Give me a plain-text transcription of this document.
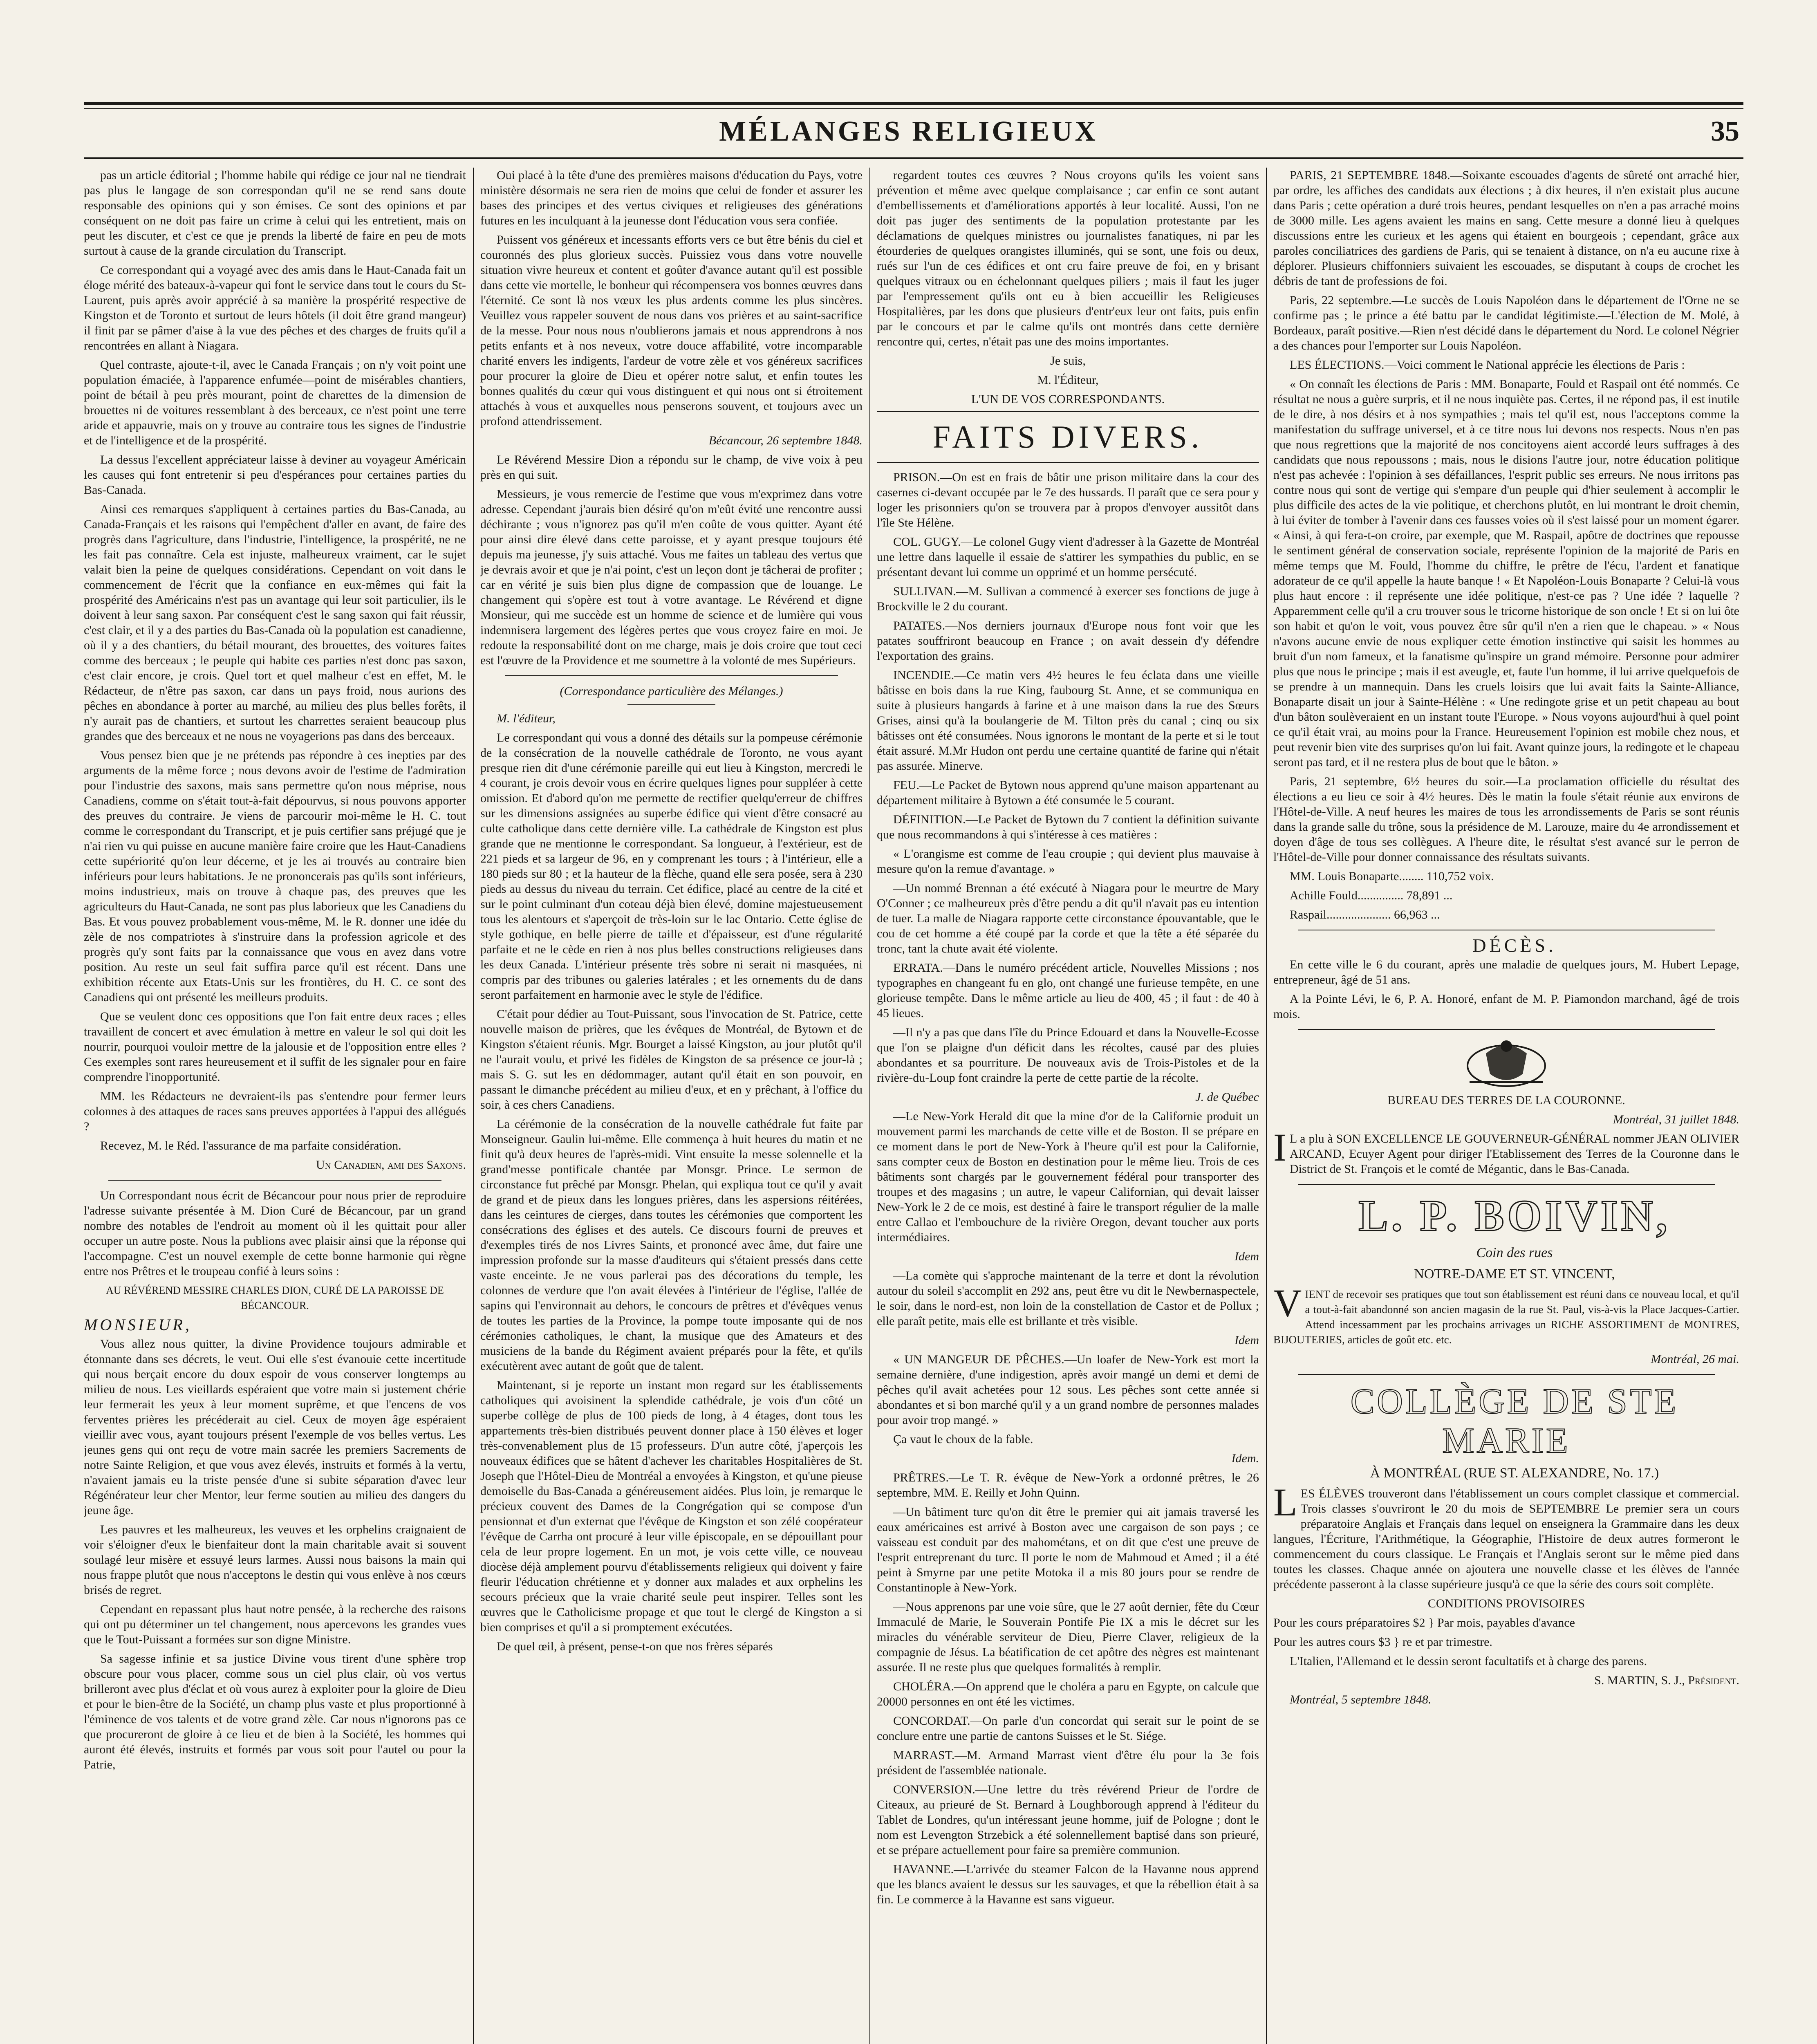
MÉLANGES RELIGIEUX	35

pas un article éditorial ; l'homme habile qui rédige ce jour nal ne tiendrait pas plus le langage de son correspondan qu'il ne se rend sans doute responsable des opinions qui y son émises. Ce sont des opinions et par conséquent on ne doit pas faire un crime à celui qui les entretient, mais on peut les discuter, et c'est ce que je prends la liberté de faire en peu de mots surtout à cause de la grande circulation du Transcript.

Ce correspondant qui a voyagé avec des amis dans le Haut-Canada fait un éloge mérité des bateaux-à-vapeur qui font le service dans tout le cours du St-Laurent, puis après avoir apprécié à sa manière la prospérité respective de Kingston et de Toronto et surtout de leurs hôtels (il doit être grand mangeur) il finit par se pâmer d'aise à la vue des pêches et des charges de fruits qu'il a rencontrées en allant à Niagara.

Quel contraste, ajoute-t-il, avec le Canada Français ; on n'y voit point une population émaciée, à l'apparence enfumée—point de misérables chantiers, point de bétail à peu près mourant, point de charettes de la dimension de brouettes ni de voitures ressemblant à des berceaux, ce n'est point une terre aride et appauvrie, mais on y trouve au contraire tous les signes de l'industrie et de l'intelligence et de la prospérité.

La dessus l'excellent appréciateur laisse à deviner au voyageur Américain les causes qui font entretenir si peu d'espérances pour certaines parties du Bas-Canada.

Ainsi ces remarques s'appliquent à certaines parties du Bas-Canada, au Canada-Français et les raisons qui l'empêchent d'aller en avant, de faire des progrès dans l'agriculture, dans l'industrie, l'intelligence, la prospérité, ne ne les fait pas connaître. Cela est injuste, malheureux vraiment, car le sujet valait bien la peine de quelques considérations. Cependant on voit dans le commencement de l'écrit que la confiance en eux-mêmes qui fait la prospérité des Américains n'est pas un avantage qui leur soit particulier, ils le doivent à leur sang saxon. Par conséquent c'est le sang saxon qui fait réussir, c'est clair, et il y a des parties du Bas-Canada où la population est canadienne, où il y a des chantiers, du bétail mourant, des brouettes, des voitures faites comme des berceaux ; le peuple qui habite ces parties n'est donc pas saxon, c'est clair encore, je crois. Quel tort et quel malheur c'est en effet, M. le Rédacteur, de n'être pas saxon, car dans un pays froid, nous aurions des pêches en abondance à porter au marché, au milieu des plus belles forêts, il n'y aurait pas de chantiers, et surtout les charrettes seraient beaucoup plus grandes que des berceaux et ne nous ne voyagerions pas dans des berceaux.

Vous pensez bien que je ne prétends pas répondre à ces inepties par des arguments de la même force ; nous devons avoir de l'estime de l'admiration pour l'industrie des saxons, mais sans permettre qu'on nous méprise, nous Canadiens, comme on s'était tout-à-fait dépourvus, si nous pouvons apporter des preuves du contraire. Je viens de parcourir moi-même le H. C. tout comme le correspondant du Transcript, et je puis certifier sans préjugé que je n'ai rien vu qui puisse en aucune manière faire croire que les Haut-Canadiens cette supériorité qu'on leur décerne, et je les ai trouvés au contraire bien inférieurs pour leurs habitations. Je ne prononcerais pas qu'ils sont inférieurs, moins industrieux, mais on trouve à chaque pas, des preuves que les agriculteurs du Haut-Canada, ne sont pas plus laborieux que les Canadiens du Bas. Et vous pouvez probablement vous-même, M. le R. donner une idée du zèle de nos compatriotes à s'instruire dans la profession agricole et des progrès qu'y sont faits par la connaissance que vous en avez dans votre position. Au reste un seul fait suffira parce qu'il est récent. Dans une exhibition récente aux Etats-Unis sur les frontières, du H. C. ce sont des Canadiens qui ont présenté les meilleurs produits.

Que se veulent donc ces oppositions que l'on fait entre deux races ; elles travaillent de concert et avec émulation à mettre en valeur le sol qui doit les nourrir, pourquoi vouloir mettre de la jalousie et de l'opposition entre elles ? Ces exemples sont rares heureusement et il suffit de les signaler pour en faire comprendre l'inopportunité.

MM. les Rédacteurs ne devraient-ils pas s'entendre pour fermer leurs colonnes à des attaques de races sans preuves apportées à l'appui des allégués ?

Recevez, M. le Réd. l'assurance de ma parfaite considération.

Un Canadien, ami des Saxons.

Un Correspondant nous écrit de Bécancour pour nous prier de reproduire l'adresse suivante présentée à M. Dion Curé de Bécancour, par un grand nombre des notables de l'endroit au moment où il les quittait pour aller occuper un autre poste. Nous la publions avec plaisir ainsi que la réponse qui l'accompagne. C'est un nouvel exemple de cette bonne harmonie qui règne entre nos Prêtres et le troupeau confié à leurs soins :

AU RÉVÉREND MESSIRE CHARLES DION, CURÉ DE LA PAROISSE DE BÉCANCOUR.

MONSIEUR,

Vous allez nous quitter, la divine Providence toujours admirable et étonnante dans ses décrets, le veut. Oui elle s'est évanouie cette incertitude qui nous berçait encore du doux espoir de vous conserver longtemps au milieu de nous. Les vieillards espéraient que votre main si justement chérie leur fermerait les yeux à leur moment suprême, et que l'encens de vos ferventes prières les précéderait au ciel. Ceux de moyen âge espéraient vieillir avec vous, ayant toujours présent l'exemple de vos belles vertus. Les jeunes gens qui ont reçu de votre main sacrée les premiers Sacrements de notre Sainte Religion, et que vous avez élevés, instruits et formés à la vertu, n'avaient jamais eu la triste pensée d'une si subite séparation d'avec leur Régénérateur leur cher Mentor, leur ferme soutien au milieu des dangers du jeune âge.

Les pauvres et les malheureux, les veuves et les orphelins craignaient de voir s'éloigner d'eux le bienfaiteur dont la main charitable avait si souvent soulagé leur misère et essuyé leurs larmes. Aussi nous baisons la main qui nous frappe plutôt que nous n'acceptons le destin qui vous enlève à nos cœurs brisés de regret.

Cependant en repassant plus haut notre pensée, à la recherche des raisons qui ont pu déterminer un tel changement, nous apercevons les grandes vues que le Tout-Puissant a formées sur son digne Ministre.

Sa sagesse infinie et sa justice Divine vous tirent d'une sphère trop obscure pour vous placer, comme sous un ciel plus clair, où vos vertus brilleront avec plus d'éclat et où vous aurez à exploiter pour la gloire de Dieu et pour le bien-être de la Société, un champ plus vaste et plus proportionné à l'éminence de vos talents et de votre grand zèle. Car nous n'ignorons pas ce que procureront de gloire à ce lieu et de bien à la Société, les hommes qui auront été élevés, instruits et formés par vous soit pour l'autel ou pour la Patrie,

Oui placé à la tête d'une des premières maisons d'éducation du Pays, votre ministère désormais ne sera rien de moins que celui de fonder et assurer les bases des principes et des vertus civiques et religieuses des générations futures en les inculquant à la jeunesse dont l'éducation vous sera confiée.

Puissent vos généreux et incessants efforts vers ce but être bénis du ciel et couronnés des plus glorieux succès. Puissiez vous dans votre nouvelle situation vivre heureux et content et goûter d'avance autant qu'il est possible dans cette vie mortelle, le bonheur qui récompensera vos bonnes œuvres dans l'éternité. Ce sont là nos vœux les plus ardents comme les plus sincères. Veuillez vous rappeler souvent de nous dans vos prières et au saint-sacrifice de la messe. Pour nous nous n'oublierons jamais et nous apprendrons à nos petits enfants et à nos neveux, votre douce affabilité, votre incomparable charité envers les indigents, l'ardeur de votre zèle et vos généreux sacrifices pour procurer la gloire de Dieu et opérer notre salut, et enfin toutes les bonnes qualités du cœur qui vous distinguent et qui nous ont si étroitement attachés à vous et auxquelles nous penserons souvent, et toujours avec un profond attendrissement.

Bécancour, 26 septembre 1848.

Le Révérend Messire Dion a répondu sur le champ, de vive voix à peu près en qui suit.

Messieurs, je vous remercie de l'estime que vous m'exprimez dans votre adresse. Cependant j'aurais bien désiré qu'on m'eût évité une rencontre aussi déchirante ; vous n'ignorez pas qu'il m'en coûte de vous quitter. Ayant été pour ainsi dire élevé dans cette paroisse, et y ayant presque toujours été depuis ma jeunesse, j'y suis attaché. Vous me faites un tableau des vertus que je devrais avoir et que je n'ai point, c'est un leçon dont je tâcherai de profiter ; car en vérité je suis bien plus digne de compassion que de louange. Le changement qui s'opère est tout à votre avantage. Le Révérend et digne Monsieur, qui me succède est un homme de science et de lumière qui vous indemnisera largement des légères pertes que vous croyez faire en moi. Je redoute la responsabilité dont on me charge, mais je dois croire que tout ceci est l'œuvre de la Providence et me soumettre à la volonté de mes Supérieurs.

(Correspondance particulière des Mélanges.)

M. l'éditeur,

Le correspondant qui vous a donné des détails sur la pompeuse cérémonie de la consécration de la nouvelle cathédrale de Toronto, ne vous ayant presque rien dit d'une cérémonie pareille qui eut lieu à Kingston, mercredi le 4 courant, je crois devoir vous en écrire quelques lignes pour suppléer à cette omission. Et d'abord qu'on me permette de rectifier quelqu'erreur de chiffres sur les dimensions assignées au superbe édifice qui vient d'être consacré au culte catholique dans cette dernière ville. La cathédrale de Kingston est plus grande que ne mentionne le correspondant. Sa longueur, à l'extérieur, est de 221 pieds et sa largeur de 96, en y comprenant les tours ; à l'intérieur, elle a 180 pieds sur 80 ; et la hauteur de la flèche, quand elle sera posée, sera à 230 pieds au dessus du niveau du terrain. Cet édifice, placé au centre de la cité et sur le point culminant d'un coteau déjà bien élevé, domine majestueusement tous les alentours et s'aperçoit de très-loin sur le lac Ontario. Cette église de style gothique, en belle pierre de taille et d'épaisseur, est d'une régularité parfaite et ne le cède en rien à nos plus belles constructions religieuses dans les deux Canada. L'intérieur présente très sobre ni serait ni masquées, ni compris par des tribunes ou galeries latérales ; et les ornements du de dans seront parfaitement en harmonie avec le style de l'édifice.

C'était pour dédier au Tout-Puissant, sous l'invocation de St. Patrice, cette nouvelle maison de prières, que les évêques de Montréal, de Bytown et de Kingston s'étaient réunis. Mgr. Bourget a laissé Kingston, au jour plutôt qu'il ne l'aurait voulu, et privé les fidèles de Kingston de sa présence ce jour-là ; mais S. G. sut les en dédommager, autant qu'il était en son pouvoir, en passant le dimanche précédent au milieu d'eux, et en y prêchant, à l'office du soir, à ces chers Canadiens.

La cérémonie de la consécration de la nouvelle cathédrale fut faite par Monseigneur. Gaulin lui-même. Elle commença à huit heures du matin et ne finit qu'à deux heures de l'après-midi. Vint ensuite la messe solennelle et la grand'messe pontificale chantée par Monsgr. Prince. Le sermon de circonstance fut prêché par Monsgr. Phelan, qui expliqua tout ce qu'il y avait de grand et de pieux dans les longues prières, dans les aspersions réitérées, dans les ceintures de cierges, dans toutes les cérémonies que comportent les consécrations des églises et des autels. Ce discours fourni de preuves et d'exemples tirés de nos Livres Saints, et prononcé avec âme, dut faire une impression profonde sur la masse d'auditeurs qui s'étaient pressés dans cette vaste enceinte. Je ne vous parlerai pas des décorations du temple, les colonnes de verdure que l'on avait élevées à l'intérieur de l'église, l'allée de sapins qui l'environnait au dehors, le concours de prêtres et d'évêques venus de toutes les parties de la Province, la pompe toute imposante qui de nos cérémonies catholiques, le chant, la musique que des Amateurs et des musiciens de la bande du Régiment avaient préparés pour la fête, et qu'ils exécutèrent avec autant de goût que de talent.

Maintenant, si je reporte un instant mon regard sur les établissements catholiques qui avoisinent la splendide cathédrale, je vois d'un côté un superbe collège de plus de 100 pieds de long, à 4 étages, dont tous les appartements très-bien distribués peuvent donner place à 150 élèves et loger très-convenablement plus de 15 professeurs. D'un autre côté, j'aperçois les nouveaux édifices que se hâtent d'achever les charitables Hospitalières de St. Joseph que l'Hôtel-Dieu de Montréal a envoyées à Kingston, et qu'une pieuse demoiselle du Bas-Canada a généreusement aidées. Plus loin, je remarque le précieux couvent des Dames de la Congrégation qui se compose d'un pensionnat et d'un externat que l'évêque de Kingston et son zélé coopérateur l'évêque de Carrha ont procuré à leur ville épiscopale, en se dépouillant pour cela de leur propre logement. En un mot, je vois cette ville, ce nouveau diocèse déjà amplement pourvu d'établissements religieux qui doivent y faire fleurir l'éducation chrétienne et y donner aux malades et aux orphelins les secours précieux que la vraie charité seule peut inspirer. Telles sont les œuvres que le Catholicisme propage et que tout le clergé de Kingston a si bien comprises et qu'il a si promptement exécutées.

De quel œil, à présent, pense-t-on que nos frères séparés

regardent toutes ces œuvres ? Nous croyons qu'ils les voient sans prévention et même avec quelque complaisance ; car enfin ce sont autant d'embellissements et d'améliorations apportés à leur localité. Aussi, l'on ne doit pas juger des sentiments de la population protestante par les déclamations de quelques ministres ou journalistes fanatiques, ni par les étourderies de quelques orangistes illuminés, qui se sont, une fois ou deux, rués sur l'un de ces édifices et ont cru faire preuve de foi, en y brisant quelques vitraux ou en échelonnant quelques piliers ; mais il faut les juger par l'empressement qu'ils ont eu à bien accueillir les Religieuses Hospitalières, par les dons que plusieurs d'entr'eux leur ont faits, puis enfin par le concours et par le calme qu'ils ont montrés dans cette dernière rencontre qui, certes, n'était pas une des moins importantes.

Je suis,

M. l'Éditeur,

L'UN DE VOS CORRESPONDANTS.

FAITS DIVERS.

PRISON.—On est en frais de bâtir une prison militaire dans la cour des casernes ci-devant occupée par le 7e des hussards. Il paraît que ce sera pour y loger les prisonniers qu'on se trouvera par à propos d'envoyer aussitôt dans l'île Ste Hélène.

COL. GUGY.—Le colonel Gugy vient d'adresser à la Gazette de Montréal une lettre dans laquelle il essaie de s'attirer les sympathies du public, en se présentant devant lui comme un opprimé et un homme persécuté.

SULLIVAN.—M. Sullivan a commencé à exercer ses fonctions de juge à Brockville le 2 du courant.

PATATES.—Nos derniers journaux d'Europe nous font voir que les patates souffriront beaucoup en France ; on avait dessein d'y défendre l'exportation des grains.

INCENDIE.—Ce matin vers 4½ heures le feu éclata dans une vieille bâtisse en bois dans la rue King, faubourg St. Anne, et se communiqua en suite à plusieurs hangards à farine et à une maison dans la rue des Sœurs Grises, ainsi qu'à la boulangerie de M. Tilton près du canal ; cinq ou six bâtisses ont été consumées. Nous ignorons le montant de la perte et si le tout était assuré. M.Mr Hudon ont perdu une certaine quantité de farine qui n'était pas assurée. Minerve.

FEU.—Le Packet de Bytown nous apprend qu'une maison appartenant au département militaire à Bytown a été consumée le 5 courant.

DÉFINITION.—Le Packet de Bytown du 7 contient la définition suivante que nous recommandons à qui s'intéresse à ces matières :

« L'orangisme est comme de l'eau croupie ; qui devient plus mauvaise à mesure qu'on la remue d'avantage. »

—Un nommé Brennan a été exécuté à Niagara pour le meurtre de Mary O'Conner ; ce malheureux près d'être pendu a dit qu'il n'avait pas eu intention de tuer. La malle de Niagara rapporte cette circonstance épouvantable, que le cou de cet homme a été coupé par la corde et que la tête a été séparée du tronc, tant la chute avait été violente.

ERRATA.—Dans le numéro précédent article, Nouvelles Missions ; nos typographes en changeant fu en glo, ont changé une furieuse tempête, en une glorieuse tempête. Dans le même article au lieu de 400, 45 ; il faut : de 40 à 45 lieues.

—Il n'y a pas que dans l'île du Prince Edouard et dans la Nouvelle-Ecosse que l'on se plaigne d'un déficit dans les récoltes, causé par des pluies abondantes et sa pourriture. De nouveaux avis de Trois-Pistoles et de la rivière-du-Loup font craindre la perte de cette partie de la récolte.

J. de Québec

—Le New-York Herald dit que la mine d'or de la Californie produit un mouvement parmi les marchands de cette ville et de Boston. Il se prépare en ce moment dans le port de New-York à l'heure qu'il est pour la Californie, sans compter ceux de Boston en destination pour le même lieu. Trois de ces bâtiments sont chargés par le gouvernement fédéral pour transporter des troupes et des magasins ; un autre, le vapeur Californian, qui devait laisser New-York le 2 de ce mois, est destiné à faire le transport régulier de la malle entre Callao et l'embouchure de la rivière Oregon, devant toucher aux ports intermédiaires.

Idem

—La comète qui s'approche maintenant de la terre et dont la révolution autour du soleil s'accomplit en 292 ans, peut être vu dit le Newbernaspectele, le soir, dans le nord-est, non loin de la constellation de Castor et de Pollux ; elle paraît petite, mais elle est brillante et très visible.

Idem

« UN MANGEUR DE PÊCHES.—Un loafer de New-York est mort la semaine dernière, d'une indigestion, après avoir mangé un demi et demi de pêches qu'il avait achetées pour 12 sous. Les pêches sont cette année si abondantes et si bon marché qu'il y a un grand nombre de personnes malades pour avoir trop mangé. »

Ça vaut le choux de la fable.

Idem.

PRÊTRES.—Le T. R. évêque de New-York a ordonné prêtres, le 26 septembre, MM. E. Reilly et John Quinn.

—Un bâtiment turc qu'on dit être le premier qui ait jamais traversé les eaux américaines est arrivé à Boston avec une cargaison de son pays ; ce vaisseau est conduit par des mahométans, et on dit que c'est une preuve de l'esprit entreprenant du turc. Il porte le nom de Mahmoud et Amed ; il a été peint à Smyrne par une petite Motoka il a mis 80 jours pour se rendre de Constantinople à New-York.

—Nous apprenons par une voie sûre, que le 27 août dernier, fête du Cœur Immaculé de Marie, le Souverain Pontife Pie IX a mis le décret sur les miracles du vénérable serviteur de Dieu, Pierre Claver, religieux de la compagnie de Jésus. La béatification de cet apôtre des nègres est maintenant assurée. Il ne reste plus que quelques formalités à remplir.

CHOLÉRA.—On apprend que le choléra a paru en Egypte, on calcule que 20000 personnes en ont été les victimes.

CONCORDAT.—On parle d'un concordat qui serait sur le point de se conclure entre une partie de cantons Suisses et le St. Siége.

MARRAST.—M. Armand Marrast vient d'être élu pour la 3e fois président de l'assemblée nationale.

CONVERSION.—Une lettre du très révérend Prieur de l'ordre de Citeaux, au prieuré de St. Bernard à Loughborough apprend à l'éditeur du Tablet de Londres, qu'un intéressant jeune homme, juif de Pologne ; dont le nom est Levengton Strzebick a été solennellement baptisé dans son prieuré, et se prépare actuellement pour faire sa première communion.

HAVANNE.—L'arrivée du steamer Falcon de la Havanne nous apprend que les blancs avaient le dessus sur les sauvages, et que la rébellion était à sa fin. Le commerce à la Havanne est sans vigueur.

PARIS, 21 SEPTEMBRE 1848.—Soixante escouades d'agents de sûreté ont arraché hier, par ordre, les affiches des candidats aux élections ; à dix heures, il n'en existait plus aucune dans Paris ; cette opération a duré trois heures, pendant lesquelles on n'en a pas arraché moins de 3000 mille. Les agens avaient les mains en sang. Cette mesure a donné lieu à quelques discussions entre les curieux et les agens qui étaient en bourgeois ; cependant, grâce aux paroles conciliatrices des gardiens de Paris, qui se tenaient à distance, on n'a eu aucune rixe à déplorer. Plusieurs chiffonniers suivaient les escouades, se disputant à coups de crochet les débris de tant de professions de foi.

Paris, 22 septembre.—Le succès de Louis Napoléon dans le département de l'Orne ne se confirme pas ; le prince a été battu par le candidat légitimiste.—L'élection de M. Molé, à Bordeaux, paraît positive.—Rien n'est décidé dans le département du Nord. Le colonel Négrier a des chances pour l'emporter sur Louis Napoléon.

LES ÉLECTIONS.—Voici comment le National apprécie les élections de Paris :

« On connaît les élections de Paris : MM. Bonaparte, Fould et Raspail ont été nommés. Ce résultat ne nous a guère surpris, et il ne nous inquiète pas. Certes, il ne répond pas, il est inutile de le dire, à nos désirs et à nos sympathies ; mais tel qu'il est, nous l'acceptons comme la manifestation du suffrage universel, et à ce titre nous lui devons nos respects. Nous n'en pas que nous regrettions que la majorité de nos concitoyens aient accordé leurs suffrages à des candidats que nous repoussons ; mais, nous le disions l'autre jour, notre éducation politique n'est pas achevée : l'opinion à ses défaillances, l'esprit public ses erreurs. Ne nous irritons pas contre nous qui sont de vertige qui s'empare d'un peuple qui d'hier seulement à accomplir le plus difficile des actes de la vie politique, et cherchons plutôt, en lui montrant le droit chemin, à lui éviter de tomber à l'avenir dans ces fausses voies où il s'est laissé pour un moment égarer. « Ainsi, à qui fera-t-on croire, par exemple, que M. Raspail, apôtre de doctrines que repousse le sentiment général de conservation sociale, représente l'opinion de la majorité de Paris en même temps que M. Fould, l'homme du chiffre, le prêtre de l'écu, l'ardent et fanatique adorateur de ce qu'il appelle la haute banque ! « Et Napoléon-Louis Bonaparte ? Celui-là vous plus haut encore : il représente une idée politique, n'est-ce pas ? Une idée ? laquelle ? Apparemment celle qu'il a cru trouver sous le tricorne historique de son oncle ! Et si on lui ôte son habit et qu'on le voit, vous pouvez être sûr qu'il n'en a rien que le chapeau. » « Nous n'avons aucune envie de nous expliquer cette émotion instinctive qui saisit les hommes au bruit d'un nom fameux, et la fanatisme qu'inspire un grand mémoire. Personne pour admirer plus que nous le principe ; mais il est aveugle, et, faute l'un homme, il lui arrive quelquefois de se prendre à un mannequin. Dans les cruels loisirs que lui avait faits la Sainte-Alliance, Bonaparte disait un jour à Sainte-Hélène : « Une redingote grise et un petit chapeau au bout d'un bâton soulèveraient en un instant toute l'Europe. » Nous voyons aujourd'hui à quel point ce qu'il était vrai, au moins pour la France. Heureusement l'opinion est mobile chez nous, et peut revenir bien vite des surprises qu'on lui fait. Avant quinze jours, la redingote et le chapeau seront pas tard, et il ne restera plus de bout que le bâton. »

Paris, 21 septembre, 6½ heures du soir.—La proclamation officielle du résultat des élections a eu lieu ce soir à 4½ heures. Dès le matin la foule s'était réunie aux environs de l'Hôtel-de-Ville. A neuf heures les maires de tous les arrondissements de Paris se sont réunis dans la grande salle du trône, sous la présidence de M. Larouze, maire du 4e arrondissement et doyen d'âge de tous ses collègues. A l'heure dite, le résultat s'est avancé sur le perron de l'Hôtel-de-Ville pour donner connaissance des résultats suivants.

MM. Louis Bonaparte........ 110,752 voix.

Achille Fould............... 78,891 ...

Raspail..................... 66,963 ...

DÉCÈS.

En cette ville le 6 du courant, après une maladie de quelques jours, M. Hubert Lepage, entrepreneur, âgé de 51 ans.

A la Pointe Lévi, le 6, P. A. Honoré, enfant de M. P. Piamondon marchand, âgé de trois mois.

BUREAU DES TERRES DE LA COURONNE.

Montréal, 31 juillet 1848.

IL a plu à SON EXCELLENCE LE GOUVERNEUR-GÉNÉRAL nommer JEAN OLIVIER ARCAND, Ecuyer Agent pour diriger l'Etablissement des Terres de la Couronne dans le District de St. François et le comté de Mégantic, dans le Bas-Canada.

L. P. BOIVIN,

Coin des rues

NOTRE-DAME ET ST. VINCENT,

VIENT de recevoir ses pratiques que tout son établissement est réuni dans ce nouveau local, et qu'il a tout-à-fait abandonné son ancien magasin de la rue St. Paul, vis-à-vis la Place Jacques-Cartier. Attend incessamment par les prochains arrivages un RICHE ASSORTIMENT de MONTRES, BIJOUTERIES, articles de goût etc. etc.

Montréal, 26 mai.

COLLÈGE DE STE MARIE

À MONTRÉAL (RUE ST. ALEXANDRE, No. 17.)

LES ÉLÈVES trouveront dans l'établissement un cours complet classique et commercial. Trois classes s'ouvriront le 20 du mois de SEPTEMBRE Le premier sera un cours préparatoire Anglais et Français dans lequel on enseignera la Grammaire dans les deux langues, l'Écriture, l'Arithmétique, la Géographie, l'Histoire de deux autres formeront le commencement du cours classique. Le Français et l'Anglais seront sur le même pied dans toutes les classes. Chaque année on ajoutera une nouvelle classe et les élèves de l'année précédente passeront à la classe supérieure jusqu'à ce que la série des cours soit complète.

CONDITIONS PROVISOIRES

Pour les cours préparatoires $2 } Par mois, payables d'avance

Pour les autres cours $3 } re et par trimestre.

L'Italien, l'Allemand et le dessin seront facultatifs et à charge des parens.

S. MARTIN, S. J., Président.

Montréal, 5 septembre 1848.
